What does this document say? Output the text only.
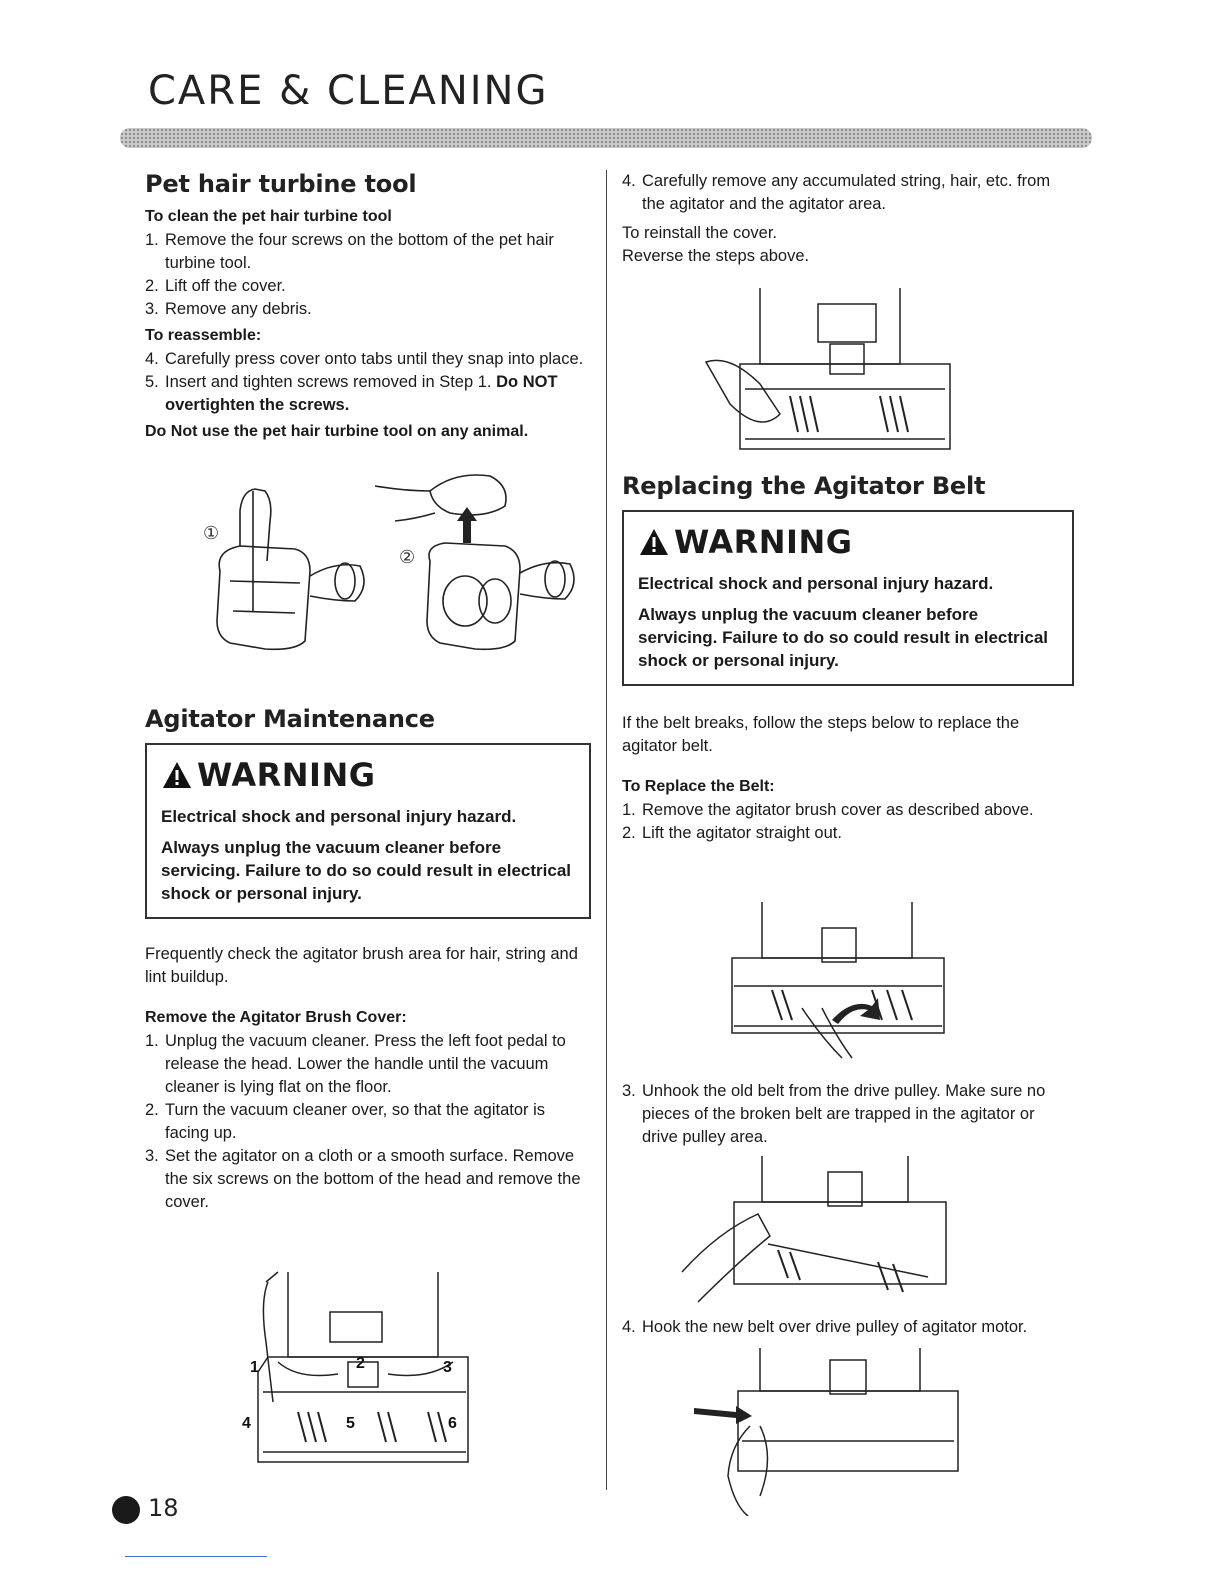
CARE & CLEANING
Pet hair turbine tool
To clean the pet hair turbine tool
1. Remove the four screws on the bottom of the pet hair turbine tool.
2. Lift off the cover.
3. Remove any debris.
To reassemble:
4. Carefully press cover onto tabs until they snap into place.
5. Insert and tighten screws removed in Step 1. Do NOT overtighten the screws.
Do Not use the pet hair turbine tool on any animal.
①
②
Agitator Maintenance
WARNING
Electrical shock and personal injury hazard.
Always unplug the vacuum cleaner before servicing. Failure to do so could result in electrical shock or personal injury.

Frequently check the agitator brush area for hair, string and lint buildup.

Remove the Agitator Brush Cover:
1. Unplug the vacuum cleaner. Press the left foot pedal to release the head. Lower the handle until the vacuum cleaner is lying flat on the floor.
2. Turn the vacuum cleaner over, so that the agitator is facing up.
3. Set the agitator on a cloth or a smooth surface. Remove the six screws on the bottom of the head and remove the cover.
1	2	3
4	5	6
4. Carefully remove any accumulated string, hair, etc. from the agitator and the agitator area.

To reinstall the cover.

Reverse the steps above.

Replacing the Agitator Belt
WARNING
Electrical shock and personal injury hazard.
Always unplug the vacuum cleaner before servicing. Failure to do so could result in electrical shock or personal injury.

If the belt breaks, follow the steps below to replace the agitator belt.

To Replace the Belt:
1. Remove the agitator brush cover as described above.
2. Lift the agitator straight out.
3. Unhook the old belt from the drive pulley. Make sure no pieces of the broken belt are trapped in the agitator or drive pulley area.
4. Hook the new belt over drive pulley of agitator motor.
18
